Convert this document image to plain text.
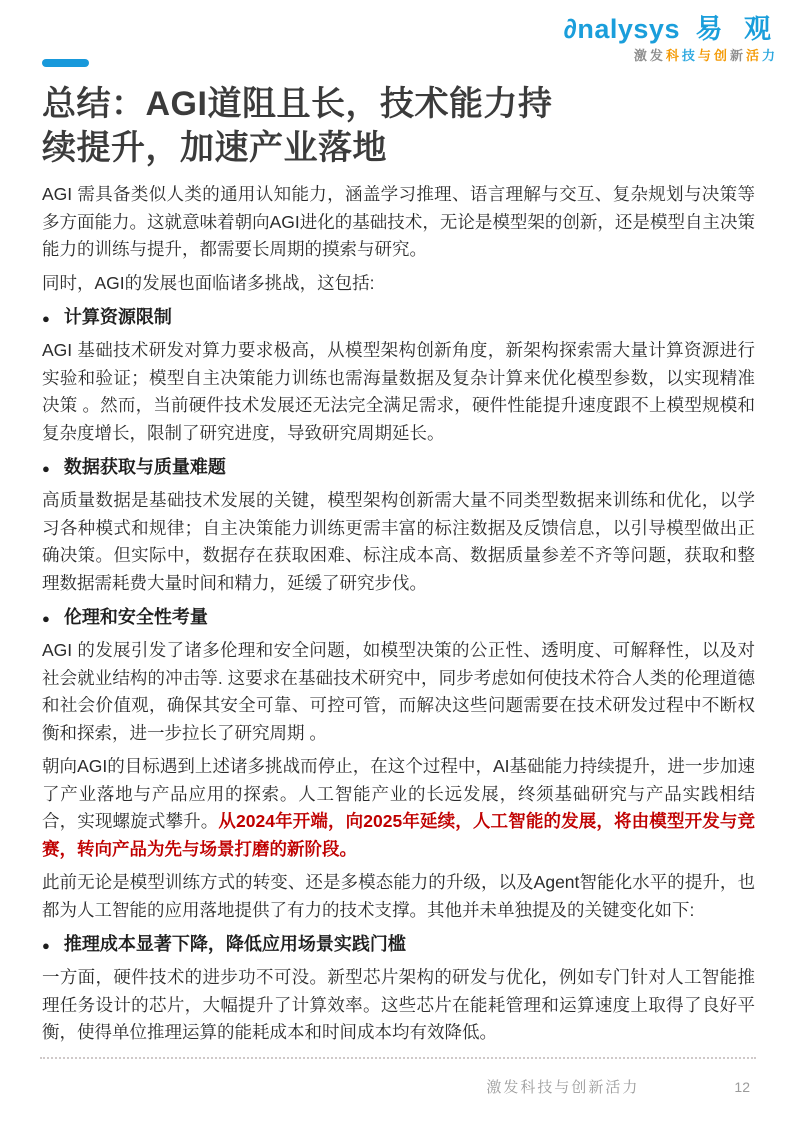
∂nalysys 易 观
激发科技与创新活力
总结：AGI道阻且长，技术能力持
续提升，加速产业落地

AGI 需具备类似人类的通用认知能力，涵盖学习推理、语言理解与交互、复杂规划与决策等多方面能力。这就意味着朝向AGI进化的基础技术，无论是模型架的创新，还是模型自主决策能力的训练与提升，都需要长周期的摸索与研究。

同时，AGI的发展也面临诸多挑战，这包括:

● 计算资源限制

AGI 基础技术研发对算力要求极高，从模型架构创新角度，新架构探索需大量计算资源进行实验和验证；模型自主决策能力训练也需海量数据及复杂计算来优化模型参数，以实现精准决策 。然而，当前硬件技术发展还无法完全满足需求，硬件性能提升速度跟不上模型规模和复杂度增长，限制了研究进度，导致研究周期延长。

● 数据获取与质量难题

高质量数据是基础技术发展的关键，模型架构创新需大量不同类型数据来训练和优化，以学习各种模式和规律；自主决策能力训练更需丰富的标注数据及反馈信息，以引导模型做出正确决策。但实际中，数据存在获取困难、标注成本高、数据质量参差不齐等问题，获取和整理数据需耗费大量时间和精力，延缓了研究步伐。

● 伦理和安全性考量

AGI 的发展引发了诸多伦理和安全问题，如模型决策的公正性、透明度、可解释性，以及对社会就业结构的冲击等. 这要求在基础技术研究中，同步考虑如何使技术符合人类的伦理道德和社会价值观，确保其安全可靠、可控可管，而解决这些问题需要在技术研发过程中不断权衡和探索，进一步拉长了研究周期 。

朝向AGI的目标遇到上述诸多挑战而停止，在这个过程中，AI基础能力持续提升，进一步加速了产业落地与产品应用的探索。人工智能产业的长远发展，终须基础研究与产品实践相结合，实现螺旋式攀升。从2024年开端，向2025年延续，人工智能的发展，将由模型开发与竞赛，转向产品为先与场景打磨的新阶段。

此前无论是模型训练方式的转变、还是多模态能力的升级，以及Agent智能化水平的提升，也都为人工智能的应用落地提供了有力的技术支撑。其他并未单独提及的关键变化如下:

● 推理成本显著下降，降低应用场景实践门槛

一方面，硬件技术的进步功不可没。新型芯片架构的研发与优化，例如专门针对人工智能推理任务设计的芯片，大幅提升了计算效率。这些芯片在能耗管理和运算速度上取得了良好平衡，使得单位推理运算的能耗成本和时间成本均有效降低。

激发科技与创新活力	12
